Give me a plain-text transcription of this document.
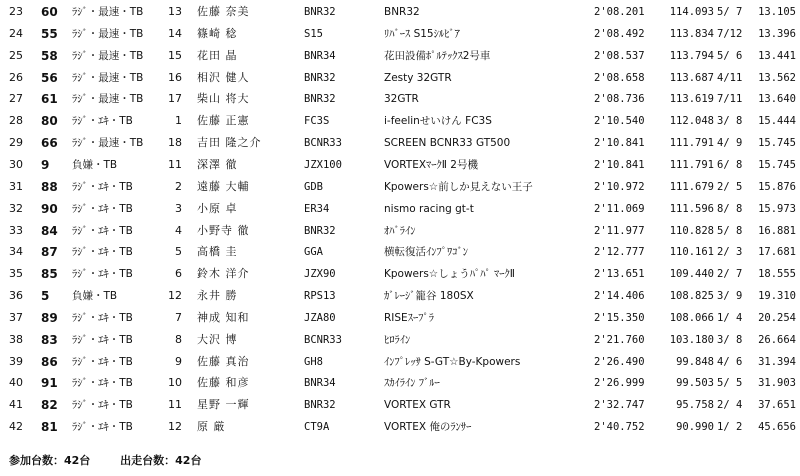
23	60	ﾗｼﾞ・最速・TB	13 佐藤 奈美	BNR32	BNR32	2'08.201	114.093 5/ 7	13.105
24	55	ﾗｼﾞ・最速・TB	14 篠崎 稔	S15	ﾘﾊﾞｰｽ S15ｼﾙﾋﾞｱ	2'08.492	113.834 7/12	13.396
25	58	ﾗｼﾞ・最速・TB	15 花田 晶	BNR34	花田設備ﾎﾟﾙﾃｯｸｽ2号車	2'08.537	113.794 5/ 6	13.441
26	56	ﾗｼﾞ・最速・TB	16 相沢 健人	BNR32	Zesty 32GTR	2'08.658	113.687 4/11	13.562
27	61	ﾗｼﾞ・最速・TB	17 柴山 将大	BNR32	32GTR	2'08.736	113.619 7/11	13.640
28	80	ﾗｼﾞ・ｴｷ・TB	1 佐藤 正憲	FC3S	i-feelinせいけん FC3S	2'10.540	112.048 3/ 8	15.444
29	66	ﾗｼﾞ・最速・TB	18 吉田 隆之介	BCNR33	SCREEN BCNR33 GT500	2'10.841	111.791 4/ 9	15.745
30	9	負嫌・TB	11 深澤 徹	JZX100	VORTEXﾏｰｸⅡ 2号機	2'10.841	111.791 6/ 8	15.745
31	88	ﾗｼﾞ・ｴｷ・TB	2 遠藤 大輔	GDB	Kpowers☆前しか見えない王子	2'10.972	111.679 2/ 5	15.876
32	90	ﾗｼﾞ・ｴｷ・TB	3 小原 卓	ER34	nismo racing gt-t	2'11.069	111.596 8/ 8	15.973
33	84	ﾗｼﾞ・ｴｷ・TB	4 小野寺 徹	BNR32	ｵﾊﾞﾗｲﾝ	2'11.977	110.828 5/ 8	16.881
34	87	ﾗｼﾞ・ｴｷ・TB	5 高橋 圭	GGA	横転復活ｲﾝﾌﾟﾜｺﾞﾝ	2'12.777	110.161 2/ 3	17.681
35	85	ﾗｼﾞ・ｴｷ・TB	6 鈴木 洋介	JZX90	Kpowers☆しょうﾊﾟﾊﾟ ﾏｰｸⅡ	2'13.651	109.440 2/ 7	18.555
36	5	負嫌・TB	12 永井 勝	RPS13	ｶﾞﾚｰｼﾞ籠谷 180SX	2'14.406	108.825 3/ 9	19.310
37	89	ﾗｼﾞ・ｴｷ・TB	7 神成 知和	JZA80	RISEｽｰﾌﾟﾗ	2'15.350	108.066 1/ 4	20.254
38	83	ﾗｼﾞ・ｴｷ・TB	8 大沢 博	BCNR33	ﾋﾛﾗｲﾝ	2'21.760	103.180 3/ 8	26.664
39	86	ﾗｼﾞ・ｴｷ・TB	9 佐藤 真治	GH8	ｲﾝﾌﾟﾚｯｻ S-GT☆By-Kpowers	2'26.490	99.848 4/ 6	31.394
40	91	ﾗｼﾞ・ｴｷ・TB	10 佐藤 和彦	BNR34	ｽｶｲﾗｲﾝ ﾌﾞﾙｰ	2'26.999	99.503 5/ 5	31.903
41	82	ﾗｼﾞ・ｴｷ・TB	11 星野 一輝	BNR32	VORTEX GTR	2'32.747	95.758 2/ 4	37.651
42	81	ﾗｼﾞ・ｴｷ・TB	12 原 厳	CT9A	VORTEX 俺のﾗﾝｻｰ	2'40.752	90.990 1/ 2	45.656
参加台数：42台	出走台数：42台
